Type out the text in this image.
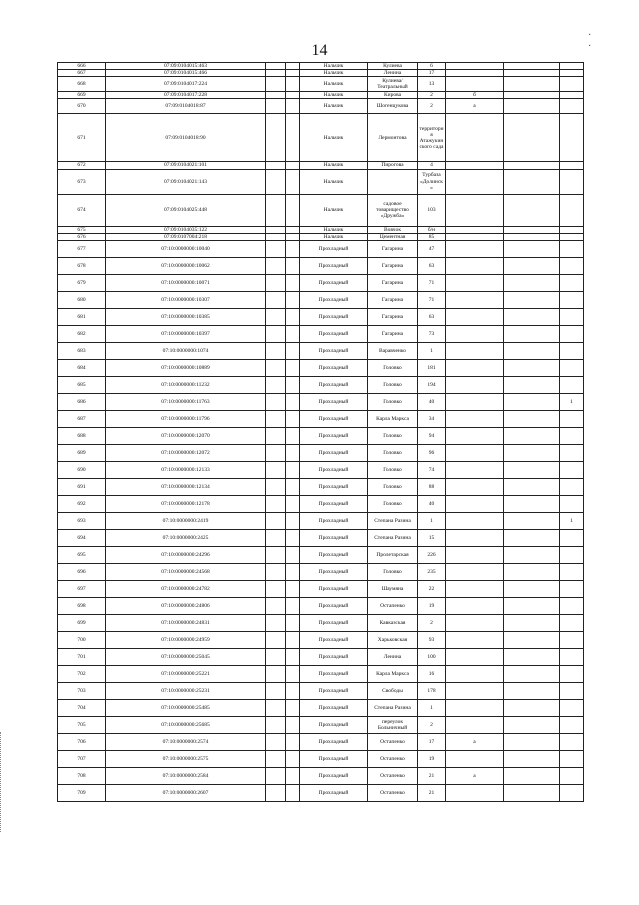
14
· ·
666	07:09:0104015:463			Нальчик	Кулиева	6			
667	07:09:0104015:466			Нальчик	Ленина	17			
668	07:09:0104017:224			Нальчик	Кулиева/Театральный	13			
669	07:09:0104017:228			Нальчик	Кирова	2	б		
670	07:09:0104018:87			Нальчик	Шогенцукова	2	а		
671	07:09:0104018:90			Нальчик	Лермонтова	территория Атажукинского сада			
672	07:09:0104021:101			Нальчик	Пирогова	4			
673	07:09:0104021:143			Нальчик		Турбаза «Долинск»			
674	07:09:0104025:448			Нальчик	садовое товарищество «Дружба»	103			
675	07:09:0104035:122			Нальчик	Вовчок	б/н			
676	07:09:0107004:218			Нальчик	Цементная	85			
677	07:10:0000000:10040			Прохладный	Гагарина	47			
678	07:10:0000000:10062			Прохладный	Гагарина	63			
679	07:10:0000000:10071			Прохладный	Гагарина	71			
680	07:10:0000000:10307			Прохладный	Гагарина	71			
681	07:10:0000000:10385			Прохладный	Гагарина	63			
682	07:10:0000000:10397			Прохладный	Гагарина	73			
683	07:10:0000000:1074			Прохладный	Варавченко	1			
684	07:10:0000000:10889			Прохладный	Головко	181			
685	07:10:0000000:11232			Прохладный	Головко	194			
686	07:10:0000000:11763			Прохладный	Головко	40			1
687	07:10:0000000:11796			Прохладный	Карла Маркса	34			
688	07:10:0000000:12070			Прохладный	Головко	94			
689	07:10:0000000:12072			Прохладный	Головко	96			
690	07:10:0000000:12133			Прохладный	Головко	74			
691	07:10:0000000:12134			Прохладный	Головко	88			
692	07:10:0000000:12178			Прохладный	Головко	40			
693	07:10:0000000:2419			Прохладный	Степана Разина	1			1
694	07:10:0000000:2425			Прохладный	Степана Разина	15			
695	07:10:0000000:24296			Прохладный	Пролетарская	226			
696	07:10:0000000:24568			Прохладный	Головко	235			
697	07:10:0000000:24782			Прохладный	Шаумяна	22			
698	07:10:0000000:24806			Прохладный	Остапенко	19			
699	07:10:0000000:24831			Прохладный	Кавказская	2			
700	07:10:0000000:24959			Прохладный	Харьковская	93			
701	07:10:0000000:25045			Прохладный	Ленина	100			
702	07:10:0000000:25221			Прохладный	Карла Маркса	16			
703	07:10:0000000:25231			Прохладный	Свободы	178			
704	07:10:0000000:25485			Прохладный	Степана Разина	1			
705	07:10:0000000:25685			Прохладный	переулок Больничный	2			
706	07:10:0000000:2574			Прохладный	Остапенко	17	а		
707	07:10:0000000:2575			Прохладный	Остапенко	19			
708	07:10:0000000:2584			Прохладный	Остапенко	21	а		
709	07:10:0000000:2607			Прохладный	Остапенко	21			
